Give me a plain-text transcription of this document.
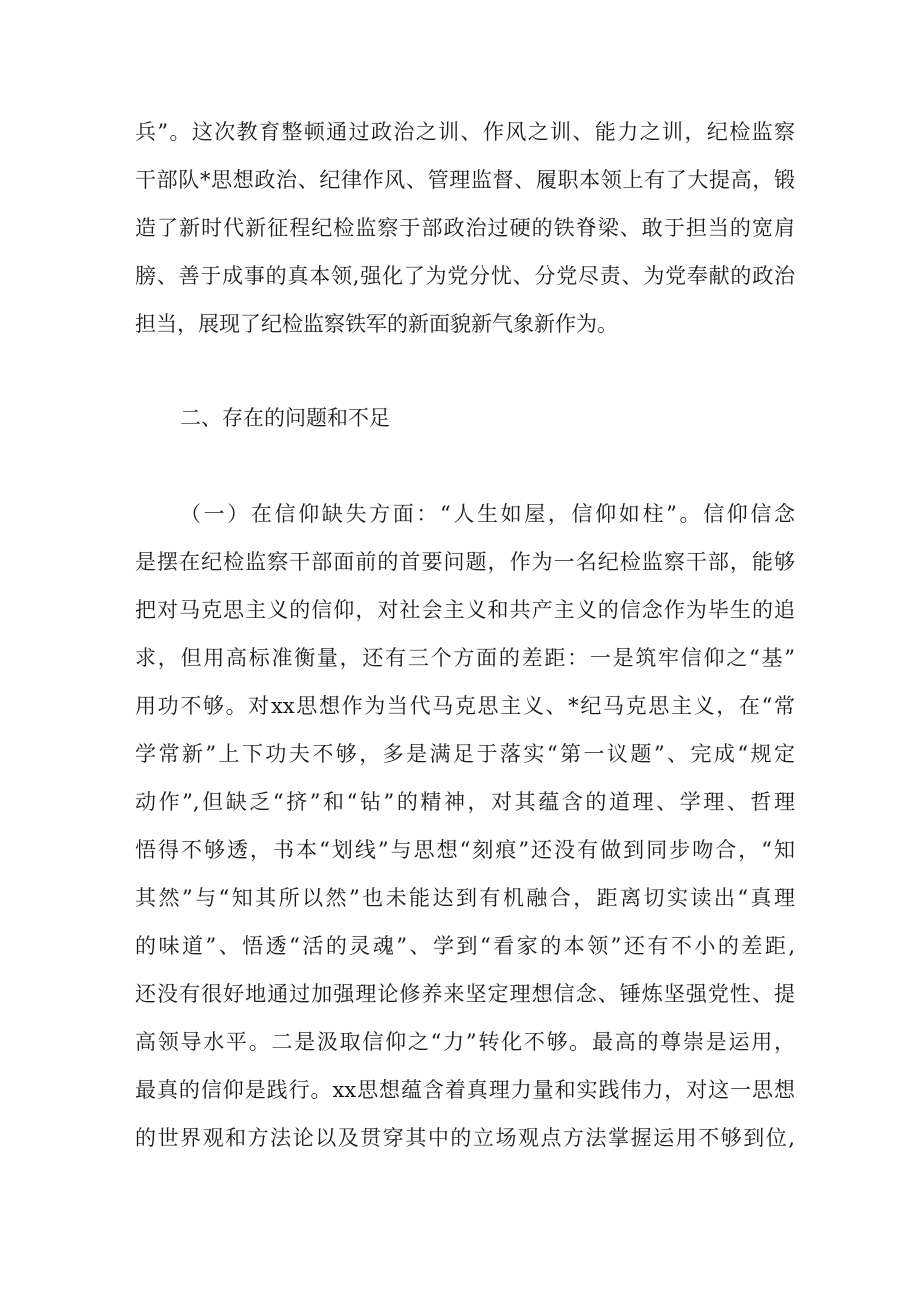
兵”。这次教育整顿通过政治之训、作风之训、能力之训，纪检监察
干部队*思想政治、纪律作风、管理监督、履职本领上有了大提高，锻
造了新时代新征程纪检监察于部政治过硬的铁脊梁、敢于担当的宽肩
膀、善于成事的真本领,强化了为党分忧、分党尽责、为党奉献的政治
担当，展现了纪检监察铁军的新面貌新气象新作为。
二、存在的问题和不足
（一）在信仰缺失方面：“人生如屋，信仰如柱”。信仰信念
是摆在纪检监察干部面前的首要问题，作为一名纪检监察干部，能够
把对马克思主义的信仰，对社会主义和共产主义的信念作为毕生的追
求，但用高标准衡量，还有三个方面的差距：一是筑牢信仰之“基”
用功不够。对xx思想作为当代马克思主义、*纪马克思主义，在“常
学常新”上下功夫不够，多是满足于落实“第一议题”、完成“规定
动作”,但缺乏“挤”和“钻”的精神，对其蕴含的道理、学理、哲理
悟得不够透，书本“划线”与思想“刻痕”还没有做到同步吻合，“知
其然”与“知其所以然”也未能达到有机融合，距离切实读出“真理
的味道”、悟透“活的灵魂”、学到“看家的本领”还有不小的差距,
还没有很好地通过加强理论修养来坚定理想信念、锤炼坚强党性、提
高领导水平。二是汲取信仰之“力”转化不够。最高的尊崇是运用，
最真的信仰是践行。xx思想蕴含着真理力量和实践伟力，对这一思想
的世界观和方法论以及贯穿其中的立场观点方法掌握运用不够到位,
